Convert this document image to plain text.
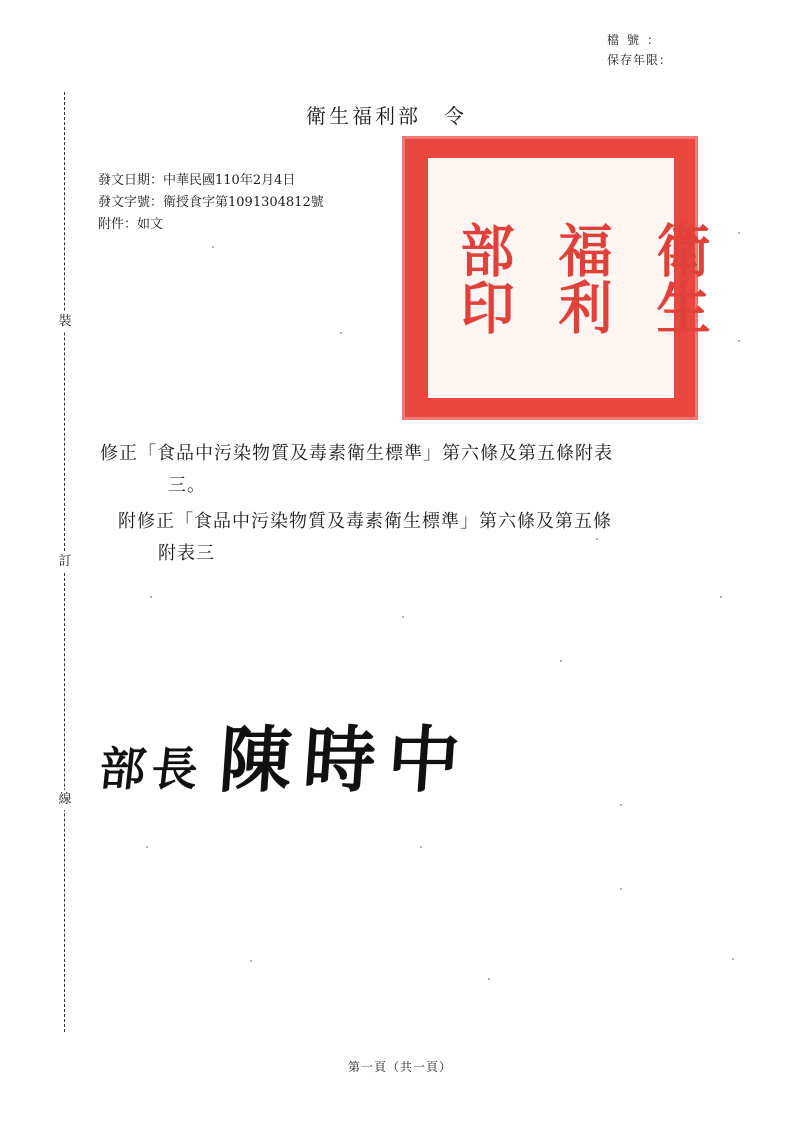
檔號：
保存年限：
裝
訂
線
衛生福利部　令
發文日期：中華民國110年2月4日
發文字號：衛授食字第1091304812號
附件：如文	衛生
福利
部印
修正「食品中污染物質及毒素衛生標準」第六條及第五條附表
三。
附修正「食品中污染物質及毒素衛生標準」第六條及第五條
附表三
部長 陳時中
第一頁（共一頁）
